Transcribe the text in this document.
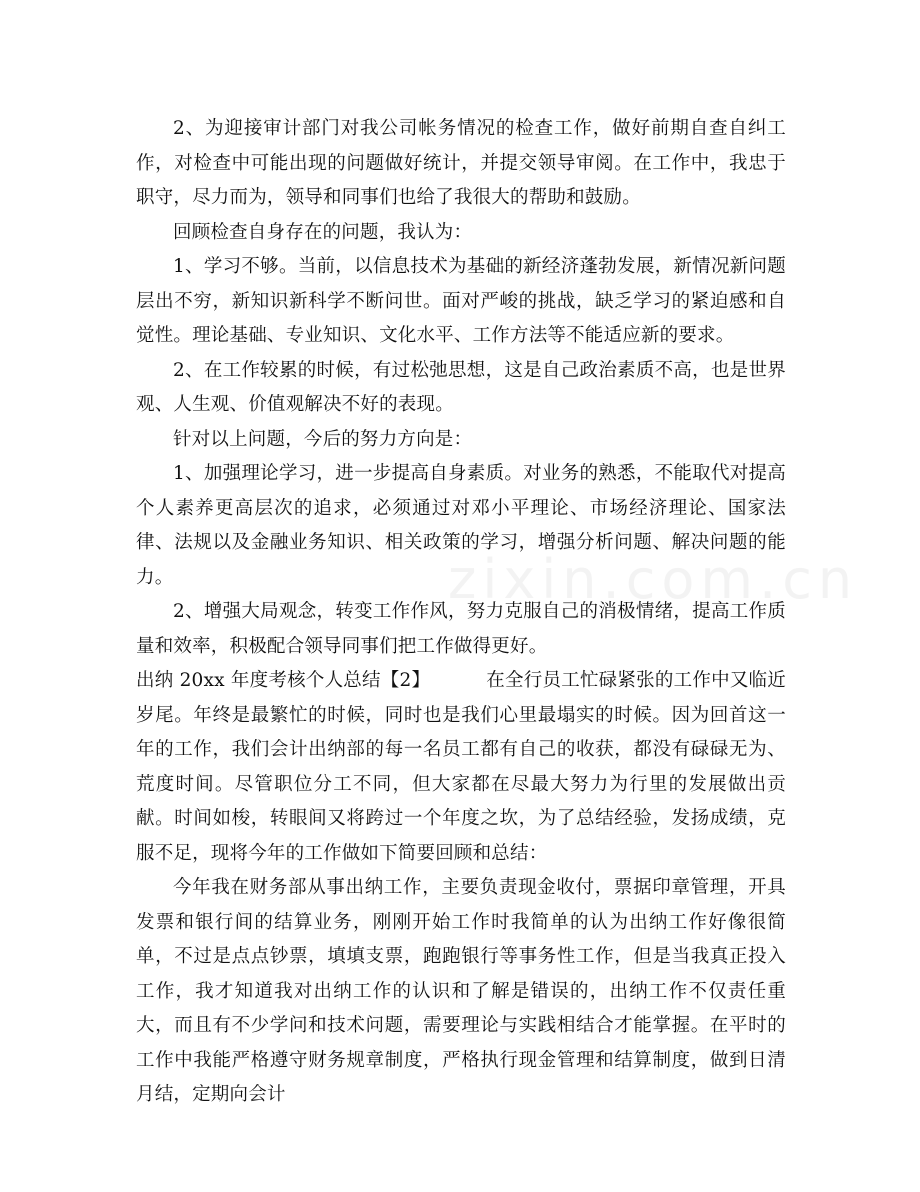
2、为迎接审计部门对我公司帐务情况的检查工作，做好前期自查自纠工作，对检查中可能出现的问题做好统计，并提交领导审阅。在工作中，我忠于职守，尽力而为，领导和同事们也给了我很大的帮助和鼓励。

回顾检查自身存在的问题，我认为：

1、学习不够。当前，以信息技术为基础的新经济蓬勃发展，新情况新问题层出不穷，新知识新科学不断问世。面对严峻的挑战，缺乏学习的紧迫感和自觉性。理论基础、专业知识、文化水平、工作方法等不能适应新的要求。

2、在工作较累的时候，有过松弛思想，这是自己政治素质不高，也是世界观、人生观、价值观解决不好的表现。

针对以上问题，今后的努力方向是：

1、加强理论学习，进一步提高自身素质。对业务的熟悉，不能取代对提高个人素养更高层次的追求，必须通过对邓小平理论、市场经济理论、国家法律、法规以及金融业务知识、相关政策的学习，增强分析问题、解决问题的能力。

2、增强大局观念，转变工作作风，努力克服自己的消极情绪，提高工作质量和效率，积极配合领导同事们把工作做得更好。

出纳 20xx 年度考核个人总结【2】	在全行员工忙碌紧张的工作中又临近岁尾。年终是最繁忙的时候，同时也是我们心里最塌实的时候。因为回首这一年的工作，我们会计出纳部的每一名员工都有自己的收获，都没有碌碌无为、荒度时间。尽管职位分工不同，但大家都在尽最大努力为行里的发展做出贡献。时间如梭，转眼间又将跨过一个年度之坎，为了总结经验，发扬成绩，克服不足，现将今年的工作做如下简要回顾和总结：

今年我在财务部从事出纳工作，主要负责现金收付，票据印章管理，开具发票和银行间的结算业务，刚刚开始工作时我简单的认为出纳工作好像很简单，不过是点点钞票，填填支票，跑跑银行等事务性工作，但是当我真正投入工作，我才知道我对出纳工作的认识和了解是错误的，出纳工作不仅责任重大，而且有不少学问和技术问题，需要理论与实践相结合才能掌握。在平时的工作中我能严格遵守财务规章制度，严格执行现金管理和结算制度，做到日清月结，定期向会计

zixin.com.cn
